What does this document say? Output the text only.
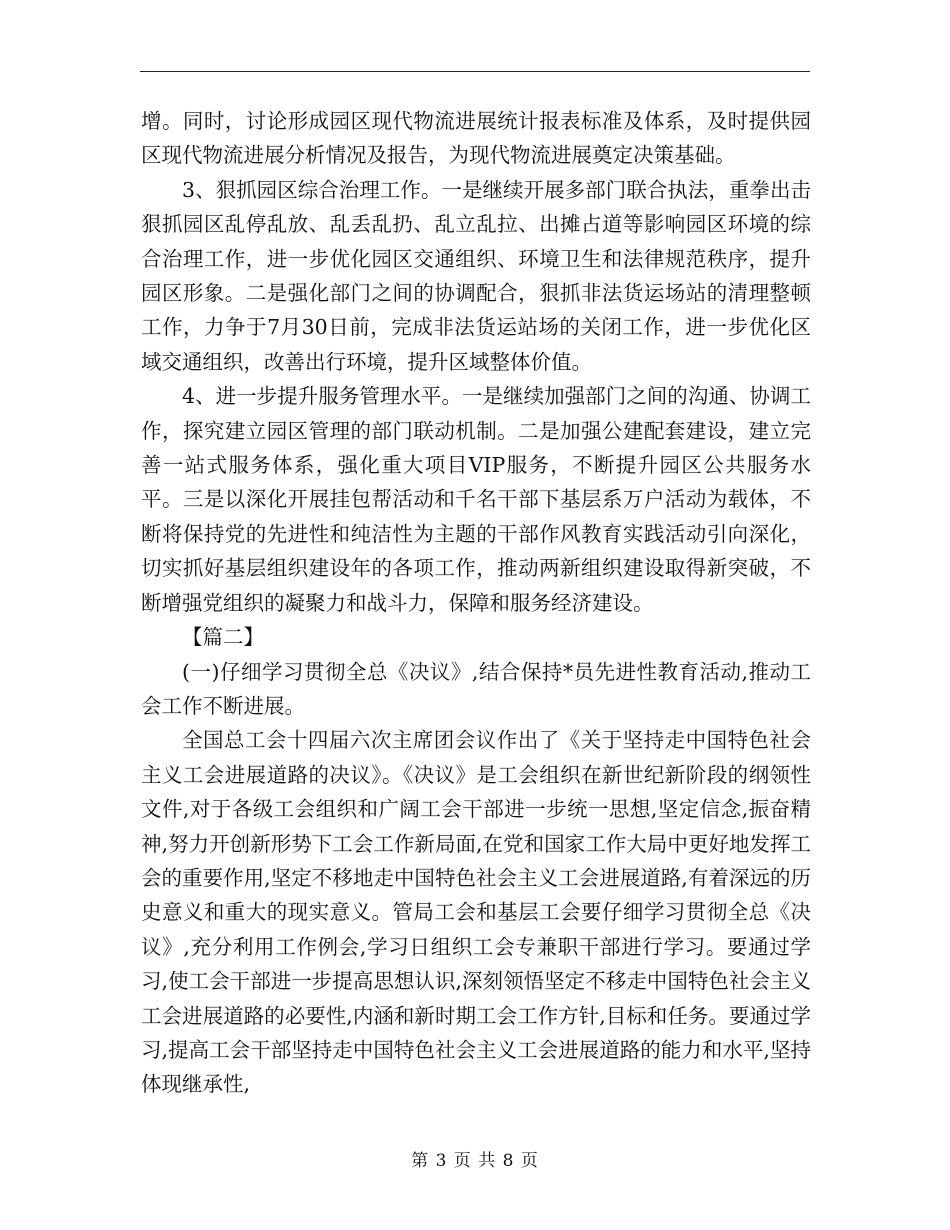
增。同时，讨论形成园区现代物流进展统计报表标准及体系，及时提供园区现代物流进展分析情况及报告，为现代物流进展奠定决策基础。

3、狠抓园区综合治理工作。一是继续开展多部门联合执法，重拳出击狠抓园区乱停乱放、乱丢乱扔、乱立乱拉、出摊占道等影响园区环境的综合治理工作，进一步优化园区交通组织、环境卫生和法律规范秩序，提升园区形象。二是强化部门之间的协调配合，狠抓非法货运场站的清理整顿工作，力争于7月30日前，完成非法货运站场的关闭工作，进一步优化区域交通组织，改善出行环境，提升区域整体价值。

4、进一步提升服务管理水平。一是继续加强部门之间的沟通、协调工作，探究建立园区管理的部门联动机制。二是加强公建配套建设，建立完善一站式服务体系，强化重大项目VIP服务，不断提升园区公共服务水平。三是以深化开展挂包帮活动和千名干部下基层系万户活动为载体，不断将保持党的先进性和纯洁性为主题的干部作风教育实践活动引向深化，切实抓好基层组织建设年的各项工作，推动两新组织建设取得新突破，不断增强党组织的凝聚力和战斗力，保障和服务经济建设。

【篇二】

(一)仔细学习贯彻全总《决议》,结合保持*员先进性教育活动,推动工会工作不断进展。

全国总工会十四届六次主席团会议作出了《关于坚持走中国特色社会主义工会进展道路的决议》。《决议》是工会组织在新世纪新阶段的纲领性文件,对于各级工会组织和广阔工会干部进一步统一思想,坚定信念,振奋精神,努力开创新形势下工会工作新局面,在党和国家工作大局中更好地发挥工会的重要作用,坚定不移地走中国特色社会主义工会进展道路,有着深远的历史意义和重大的现实意义。管局工会和基层工会要仔细学习贯彻全总《决议》,充分利用工作例会,学习日组织工会专兼职干部进行学习。要通过学习,使工会干部进一步提高思想认识,深刻领悟坚定不移走中国特色社会主义工会进展道路的必要性,内涵和新时期工会工作方针,目标和任务。要通过学习,提高工会干部坚持走中国特色社会主义工会进展道路的能力和水平,坚持体现继承性,

第 3 页 共 8 页
